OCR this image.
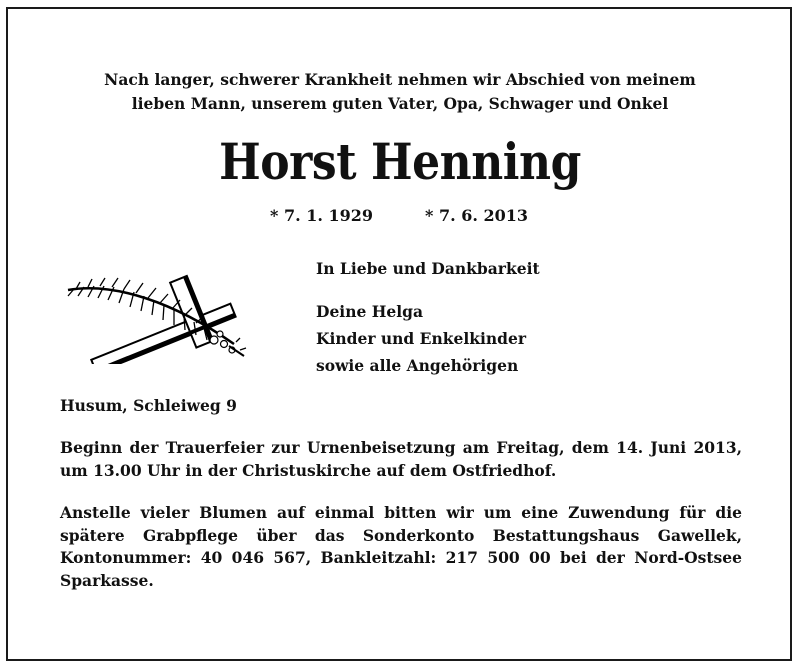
Nach langer, schwerer Krankheit nehmen wir Abschied von meinem
lieben Mann, unserem guten Vater, Opa, Schwager und Onkel
Horst Henning
* 7. 1. 1929	* 7. 6. 2013
In Liebe und Dankbarkeit
Deine Helga
Kinder und Enkelkinder
sowie alle Angehörigen
Husum, Schleiweg 9
Beginn der Trauerfeier zur Urnenbeisetzung am Freitag, dem 14. Juni 2013,
um 13.00 Uhr in der Christuskirche auf dem Ostfriedhof.
Anstelle vieler Blumen auf einmal bitten wir um eine Zuwendung für die
spätere Grabpflege über das Sonderkonto Bestattungshaus Gawellek,
Kontonummer: 40 046 567, Bankleitzahl: 217 500 00 bei der Nord-Ostsee
Sparkasse.
